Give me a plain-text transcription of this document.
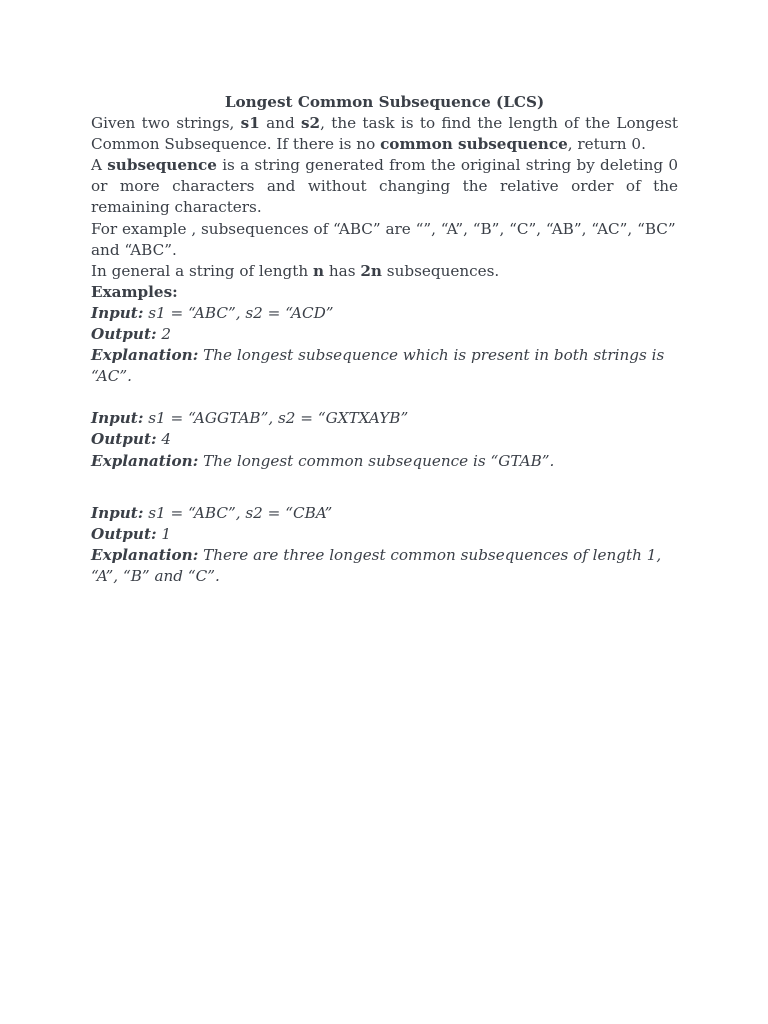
Longest Common Subsequence (LCS)

Given two strings, s1 and s2, the task is to find the length of the Longest Common Subsequence. If there is no common subsequence, return 0.

A subsequence is a string generated from the original string by deleting 0 or more characters and without changing the relative order of the remaining characters.

For example , subsequences of “ABC” are “”, “A”, “B”, “C”, “AB”, “AC”, “BC” and “ABC”.

In general a string of length n has 2n subsequences.

Examples:

Input: s1 = “ABC”, s2 = “ACD”

Output: 2

Explanation: The longest subsequence which is present in both strings is “AC”.

Input: s1 = “AGGTAB”, s2 = “GXTXAYB”

Output: 4

Explanation: The longest common subsequence is “GTAB”.

Input: s1 = “ABC”, s2 = “CBA”

Output: 1

Explanation: There are three longest common subsequences of length 1, “A”, “B” and “C”.
